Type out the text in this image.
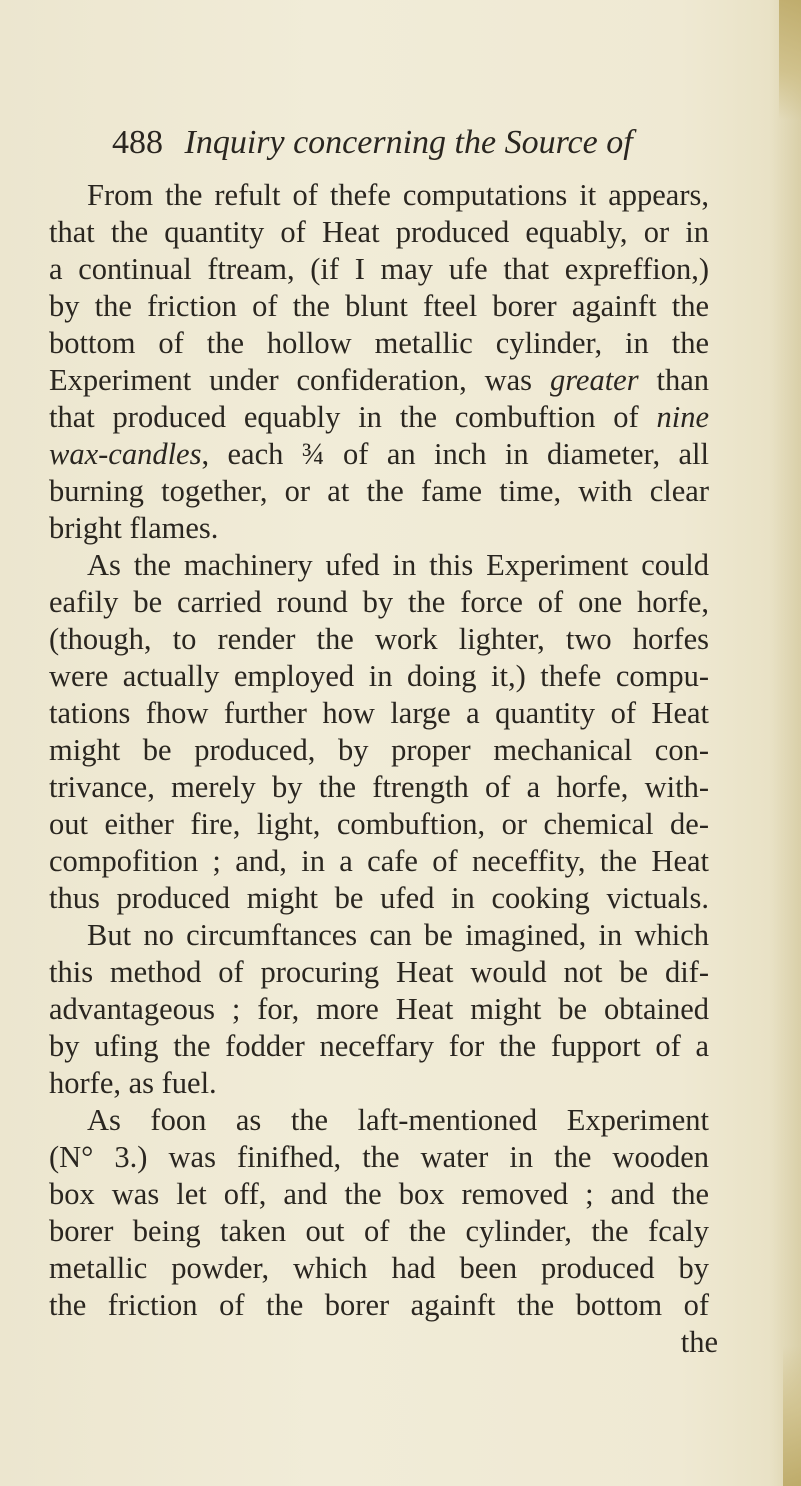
488 Inquiry concerning the Source of
From the refult of thefe computations it appears,
that the quantity of Heat produced equably, or in
a continual ftream, (if I may ufe that expreffion,)
by the friction of the blunt fteel borer againft the
bottom of the hollow metallic cylinder, in the
Experiment under confideration, was greater than
that produced equably in the combuftion of nine
wax-candles, each ¾ of an inch in diameter, all
burning together, or at the fame time, with clear
bright flames.
As the machinery ufed in this Experiment could
eafily be carried round by the force of one horfe,
(though, to render the work lighter, two horfes
were actually employed in doing it,) thefe compu-
tations fhow further how large a quantity of Heat
might be produced, by proper mechanical con-
trivance, merely by the ftrength of a horfe, with-
out either fire, light, combuftion, or chemical de-
compofition ; and, in a cafe of neceffity, the Heat
thus produced might be ufed in cooking victuals.
But no circumftances can be imagined, in which
this method of procuring Heat would not be dif-
advantageous ; for, more Heat might be obtained
by ufing the fodder neceffary for the fupport of a
horfe, as fuel.
As foon as the laft-mentioned Experiment
(N° 3.) was finifhed, the water in the wooden
box was let off, and the box removed ; and the
borer being taken out of the cylinder, the fcaly
metallic powder, which had been produced by
the friction of the borer againft the bottom of
the
